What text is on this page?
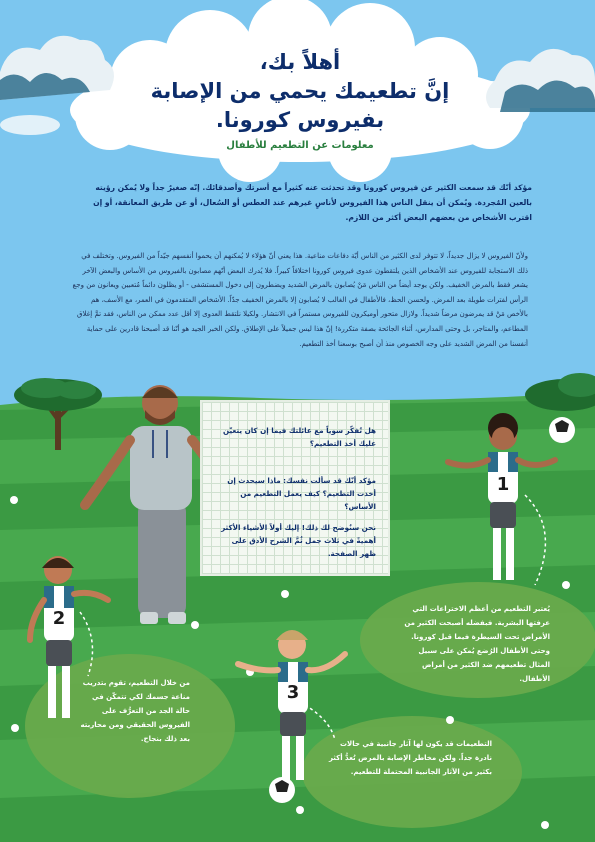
1
2
3
أهلاً بك،
إنَّ تطعيمك يحمي من الإصابة
بفيروس كورونا.
معلومات عن التطعيم للأطفال
مؤكد أنّك قد سمعت الكثير عن فيروس كورونا وقد تحدثت عنه كثيراً مع أسرتك وأصدقائك. إنّه صغيرٌ جداً ولا يُمكن رؤيته بالعين المُجردة. ويُمكن أن ينقل الناس هذا الفيروس لأناسٍ غيرهم عند العطس أو السُعال، أو عن طريق المعانقة، أو إن اقترب الأشخاص من بعضهم البعض أكثر من اللازم.
ولأنّ الفيروس لا يزال جديداً، لا تتوفر لدى الكثير من الناس أيّة دفاعات مناعية. هذا يعني أنّ هؤلاء لا يُمكنهم أن يحموا أنفسهم جيّداً من الفيروس. وتختلف في ذلك الاستجابة للفيروس عند الأشخاص الذين يلتقطون عدوى فيروس كورونا اختلافاً كبيراً. فلا يُدرك البعض أنّهم مصابون بالفيروس من الأساس والبعض الآخر يشعر فقط بالمرض الخفيف. ولكن يوجد أيضاً من الناس مَنْ يُصابون بالمرض الشديد ويضطرون إلى دخول المستشفى - أو يظلون دائماً مُتعبين ويعانون من وجع الرأس لفترات طويلة بعد المرض. ولحسن الحظ، فالأطفال في الغالب لا يُصابون إلا بالمرض الخفيف جدّاً. الأشخاص المتقدمون في العمر، مع الأسف، هم بالأخص مَنْ قد يمرضون مرضاً شديداً. ولازال متحور أوميكرون للفيروس مستمراً في الانتشار. ولكيلا نلتقط العدوى إلا أقل عدد ممكن من الناس، فقد تمَّ إغلاق المطاعم، والمتاجر، بل وحتى المدارس، أثناء الجائحة بصفة متكررة! إنّ هذا ليس جميلاً على الإطلاق. ولكن الخبر الجيد هو أنّنا قد أصبحنا قادرين على حماية أنفسنا من المرض الشديد على وجه الخصوص منذ أن أصبح بوسعنا أخذ التطعيم.
هل تُفكّر سوياً مع عائلتك فيما إن كان يتعيّن عليك أخذ التطعيم؟
مؤكد أنّك قد سألت نفسك: ماذا سيحدث إن أخذت التطعيم؟ كيف يعمل التطعيم من الأساس؟
نحن سنُوضح لك ذلك! إليك أولاً الأشياء الأكثر أهميةً في ثلاث جمل ثُمَّ الشرح الأدق على ظهر الصفحة.
يُعتبر التطعيم من أعظم الاختراعات التي عرفتها البشرية. فبفضله أصبحت الكثير من الأمراض تحت السيطرة فيما قبل كورونا. وحتى الأطفال الرُضع يُمكن على سبيل المثال تطعيمهم ضد الكثير من أمراض الأطفال.
من خلال التطعيم، تقوم بتدريب مناعة جسمك لكي تتمكّن في حالة الجد من التعرُّف على الفيروس الحقيقي ومن محاربته بعد ذلك بنجاح.
التطعيمات قد يكون لها آثار جانبية في حالات نادرة جداً. ولكن مخاطر الإصابة بالمرض تُعدُّ أكثر بكثير من الآثار الجانبية المحتملة للتطعيم.
